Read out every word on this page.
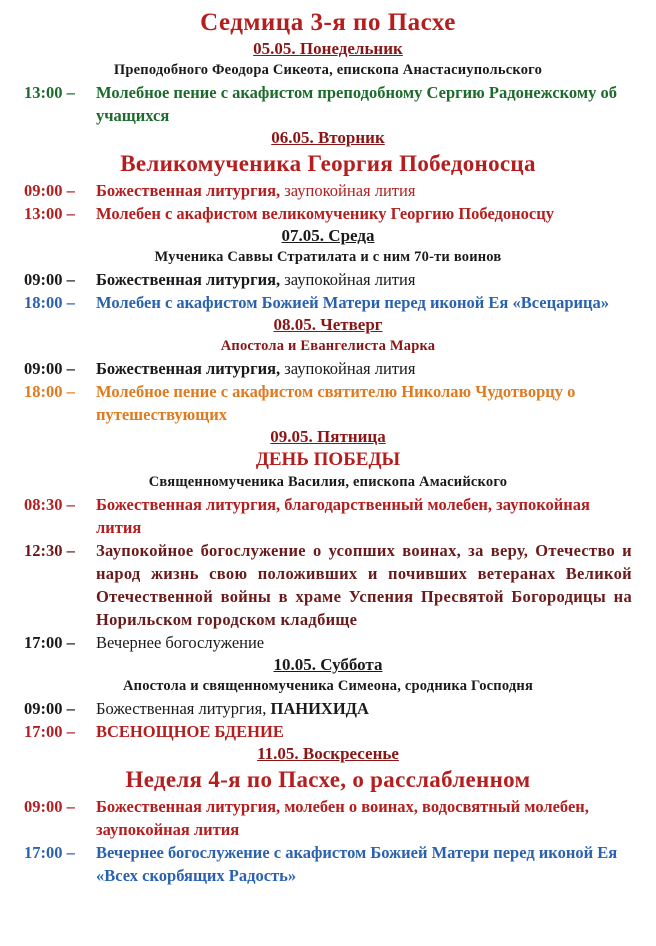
Седмица 3-я по Пасхе
05.05. Понедельник
Преподобного Феодора Сикеота, епископа Анастасиупольского
13:00 –	Молебное пение с акафистом преподобному Сергию Радонежскому об учащихся
06.05. Вторник
Великомученика Георгия Победоносца
09:00 –	Божественная литургия, заупокойная лития
13:00 –	Молебен с акафистом великомученику Георгию Победоносцу
07.05. Среда
Мученика Саввы Стратилата и с ним 70-ти воинов
09:00 –	Божественная литургия, заупокойная лития
18:00 –	Молебен с акафистом Божией Матери перед иконой Ея «Всецарица»
08.05. Четверг
Апостола и Евангелиста Марка
09:00 –	Божественная литургия, заупокойная лития
18:00 –	Молебное пение с акафистом святителю Николаю Чудотворцу о путешествующих
09.05. Пятница
ДЕНЬ ПОБЕДЫ
Священномученика Василия, епископа Амасийского
08:30 –	Божественная литургия, благодарственный молебен, заупокойная лития
12:30 –	Заупокойное богослужение о усопших воинах, за веру, Отечество и народ жизнь свою положивших и почивших ветеранах Великой Отечественной войны в храме Успения Пресвятой Богородицы на Норильском городском кладбище
17:00 –	Вечернее богослужение
10.05. Суббота
Апостола и священномученика Симеона, сродника Господня
09:00 –	Божественная литургия, ПАНИХИДА
17:00 –	ВСЕНОЩНОЕ БДЕНИЕ
11.05. Воскресенье
Неделя 4-я по Пасхе, о расслабленном
09:00 –	Божественная литургия, молебен о воинах, водосвятный молебен, заупокойная лития
17:00 –	Вечернее богослужение с акафистом Божией Матери перед иконой Ея «Всех скорбящих Радость»
